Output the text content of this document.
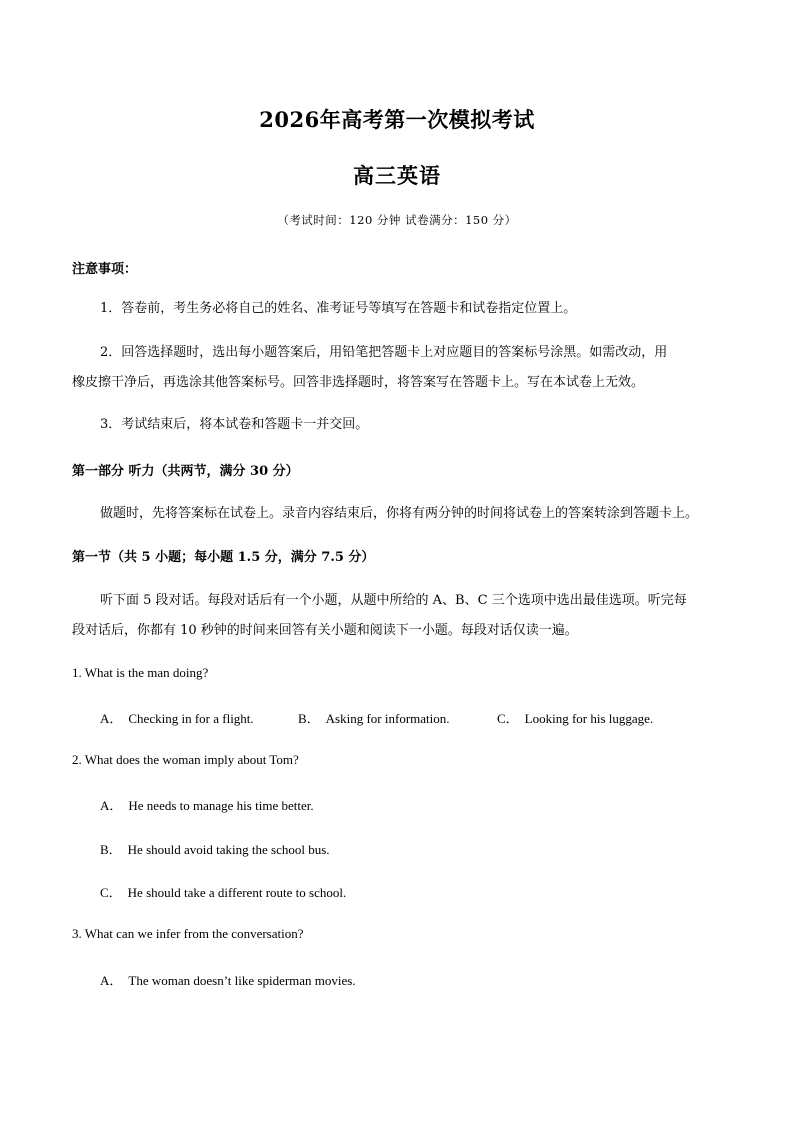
2026年高考第一次模拟考试
高三英语
（考试时间：120 分钟 试卷满分：150 分）
注意事项：
1．答卷前，考生务必将自己的姓名、准考证号等填写在答题卡和试卷指定位置上。
2．回答选择题时，选出每小题答案后，用铅笔把答题卡上对应题目的答案标号涂黑。如需改动，用
橡皮擦干净后，再选涂其他答案标号。回答非选择题时，将答案写在答题卡上。写在本试卷上无效。
3．考试结束后，将本试卷和答题卡一并交回。
第一部分 听力（共两节，满分 30 分）
做题时，先将答案标在试卷上。录音内容结束后，你将有两分钟的时间将试卷上的答案转涂到答题卡上。
第一节（共 5 小题；每小题 1.5 分，满分 7.5 分）
听下面 5 段对话。每段对话后有一个小题，从题中所给的 A、B、C 三个选项中选出最佳选项。听完每
段对话后，你都有 10 秒钟的时间来回答有关小题和阅读下一小题。每段对话仅读一遍。
1. What is the man doing?
A． Checking in for a flight.	B． Asking for information.	C． Looking for his luggage.
2. What does the woman imply about Tom?
A． He needs to manage his time better.
B． He should avoid taking the school bus.
C． He should take a different route to school.
3. What can we infer from the conversation?
A． The woman doesn’t like spiderman movies.
